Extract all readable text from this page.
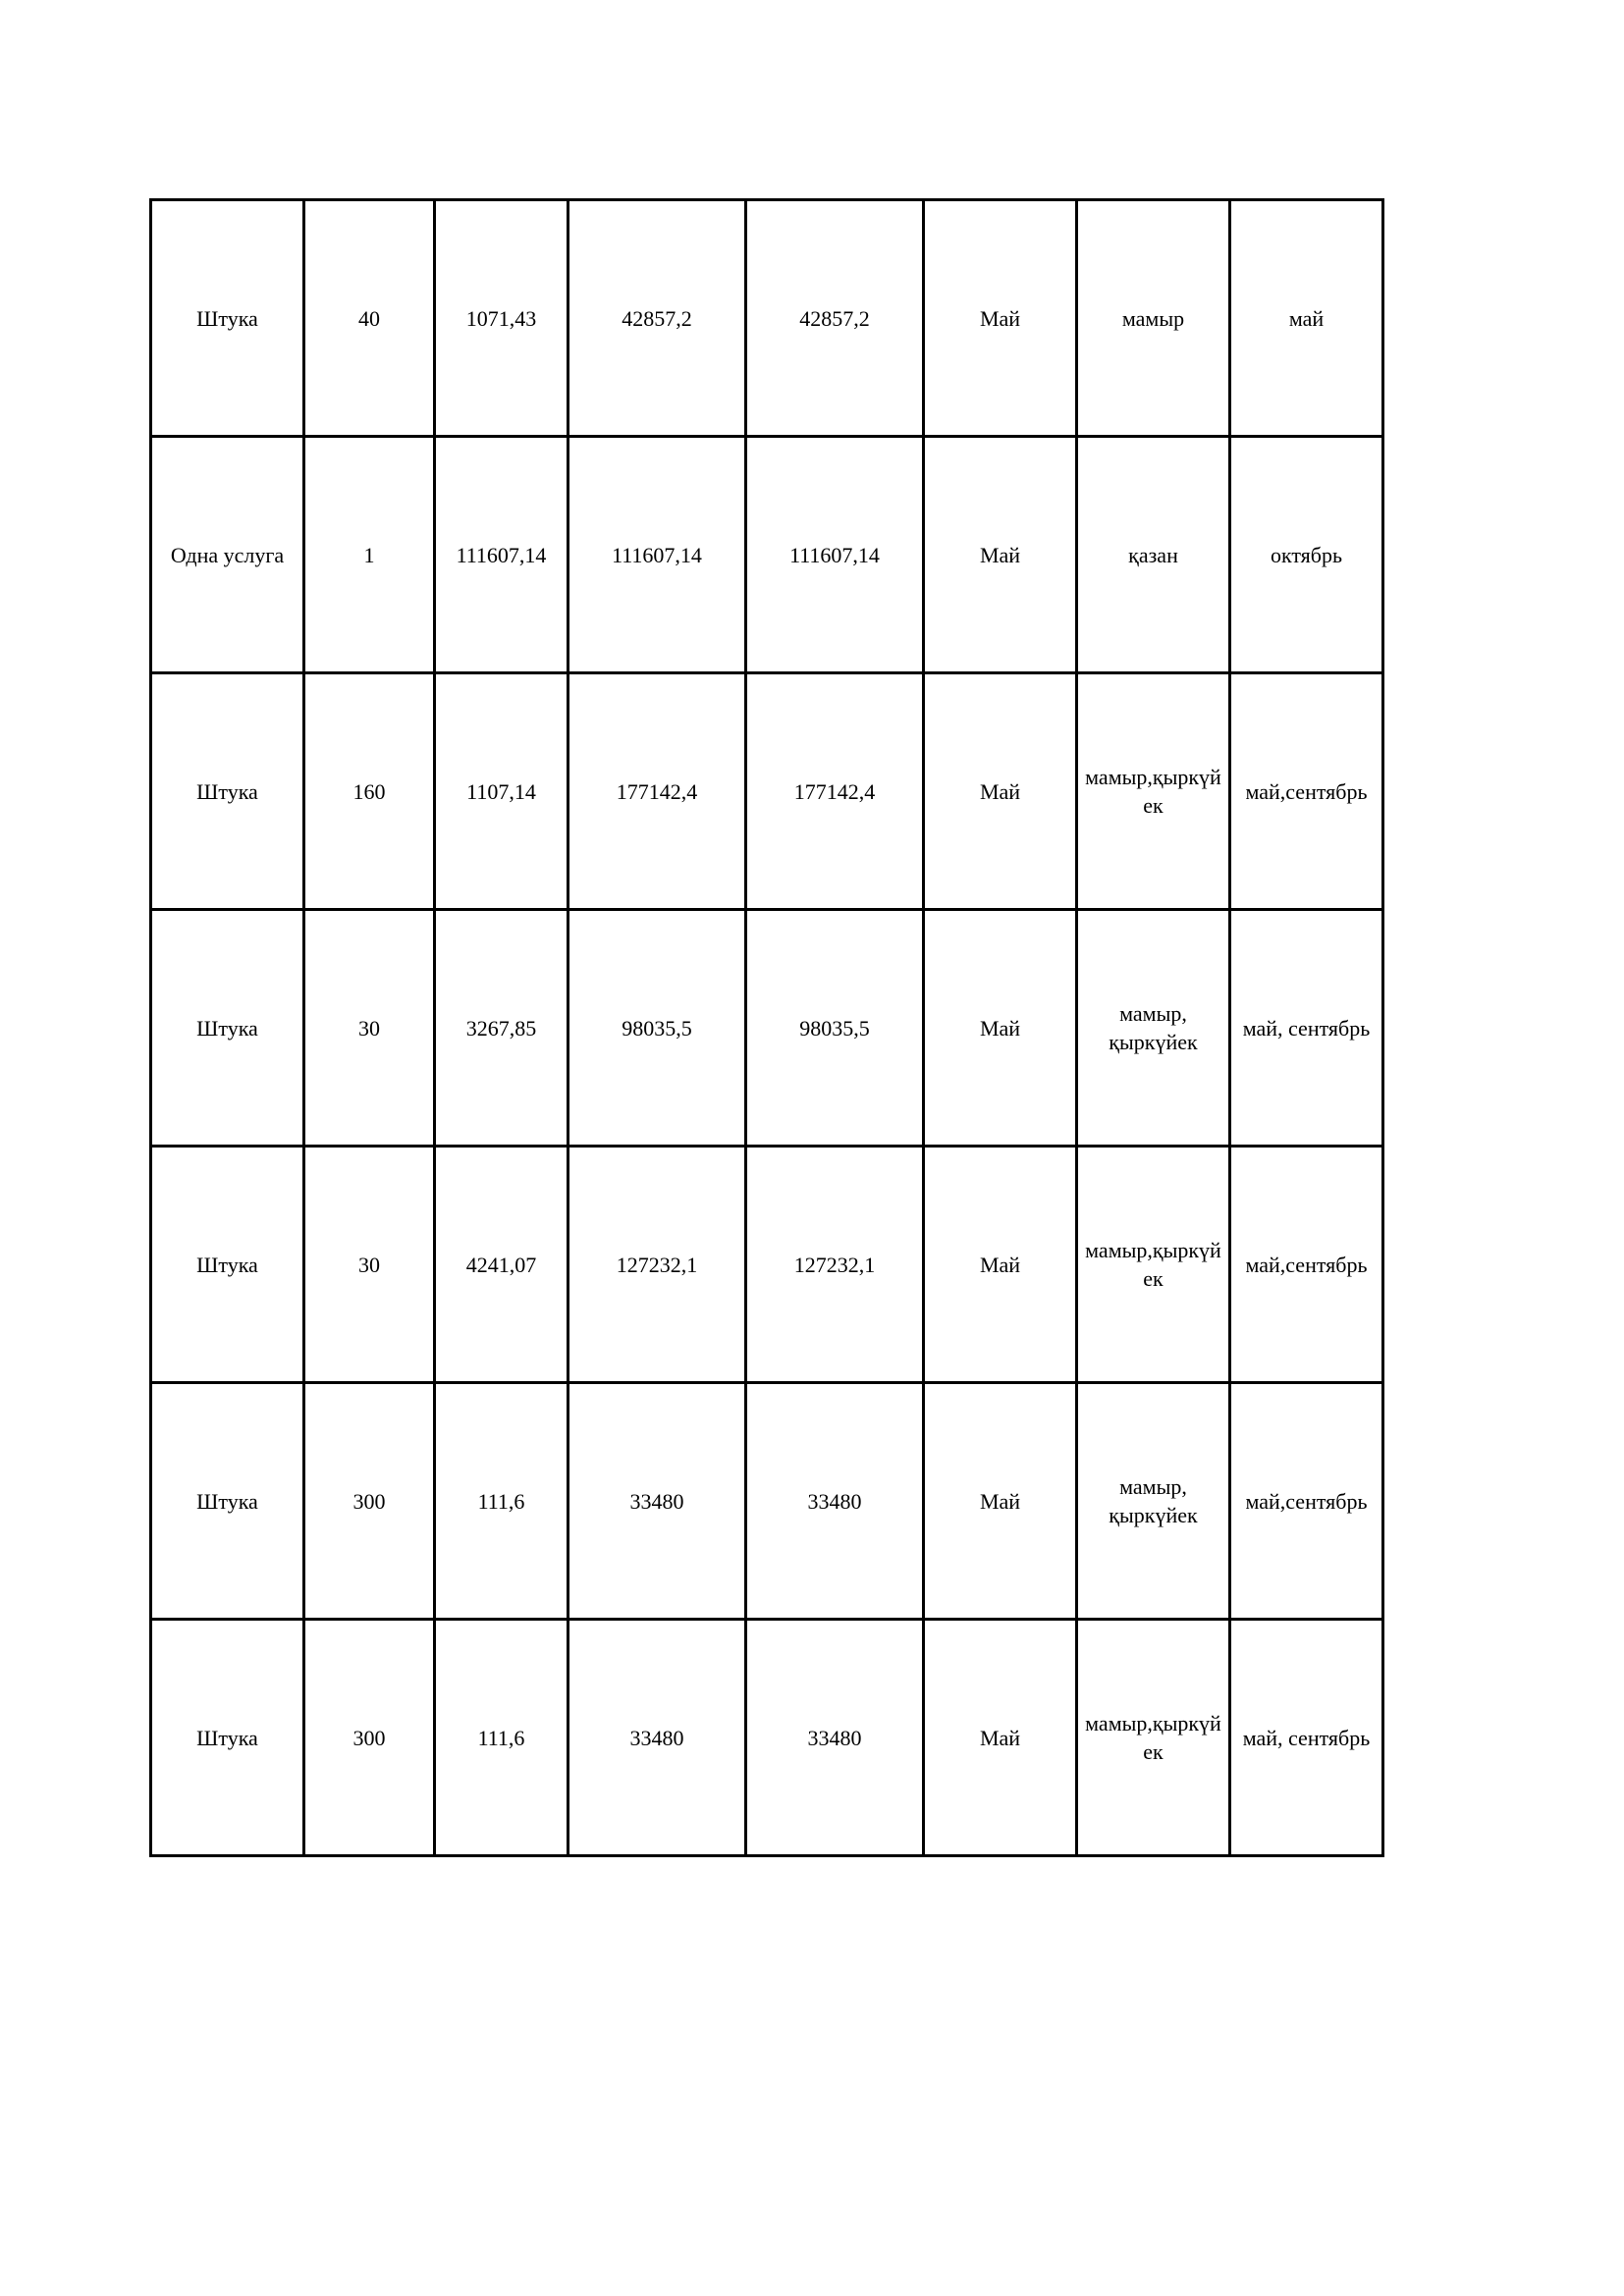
Штука	40	1071,43	42857,2	42857,2	Май	мамыр	май
Одна услуга	1	111607,14	111607,14	111607,14	Май	қазан	октябрь
Штука	160	1107,14	177142,4	177142,4	Май	мамыр,қыркүйек	май,сентябрь
Штука	30	3267,85	98035,5	98035,5	Май	мамыр, қыркүйек	май, сентябрь
Штука	30	4241,07	127232,1	127232,1	Май	мамыр,қыркүйек	май,сентябрь
Штука	300	111,6	33480	33480	Май	мамыр, қыркүйек	май,сентябрь
Штука	300	111,6	33480	33480	Май	мамыр,қыркүйек	май, сентябрь
